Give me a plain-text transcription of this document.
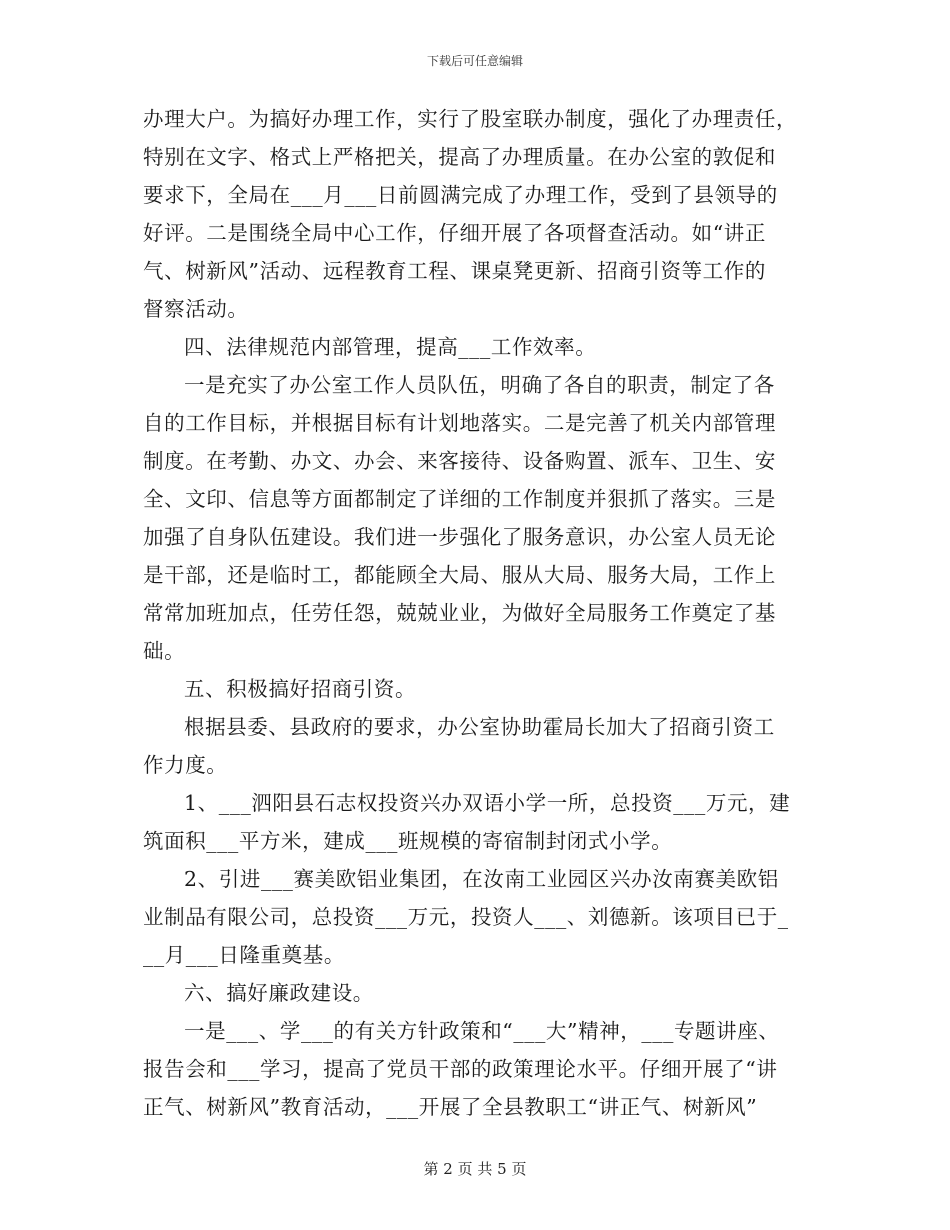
下载后可任意编辑

办理大户。为搞好办理工作，实行了股室联办制度，强化了办理责任，
特别在文字、格式上严格把关，提高了办理质量。在办公室的敦促和
要求下，全局在___月___日前圆满完成了办理工作，受到了县领导的
好评。二是围绕全局中心工作，仔细开展了各项督查活动。如“讲正
气、树新风”活动、远程教育工程、课桌凳更新、招商引资等工作的
督察活动。

四、法律规范内部管理，提高___工作效率。

一是充实了办公室工作人员队伍，明确了各自的职责，制定了各
自的工作目标，并根据目标有计划地落实。二是完善了机关内部管理
制度。在考勤、办文、办会、来客接待、设备购置、派车、卫生、安
全、文印、信息等方面都制定了详细的工作制度并狠抓了落实。三是
加强了自身队伍建设。我们进一步强化了服务意识，办公室人员无论
是干部，还是临时工，都能顾全大局、服从大局、服务大局，工作上
常常加班加点，任劳任怨，兢兢业业，为做好全局服务工作奠定了基
础。

五、积极搞好招商引资。

根据县委、县政府的要求，办公室协助霍局长加大了招商引资工
作力度。

1、___泗阳县石志权投资兴办双语小学一所，总投资___万元，建
筑面积___平方米，建成___班规模的寄宿制封闭式小学。

2、引进___赛美欧铝业集团，在汝南工业园区兴办汝南赛美欧铝
业制品有限公司，总投资___万元，投资人___、刘德新。该项目已于_
__月___日隆重奠基。

六、搞好廉政建设。

一是___、学___的有关方针政策和“___大”精神，___专题讲座、
报告会和___学习，提高了党员干部的政策理论水平。仔细开展了“讲
正气、树新风”教育活动，___开展了全县教职工“讲正气、树新风”

第 2 页 共 5 页
